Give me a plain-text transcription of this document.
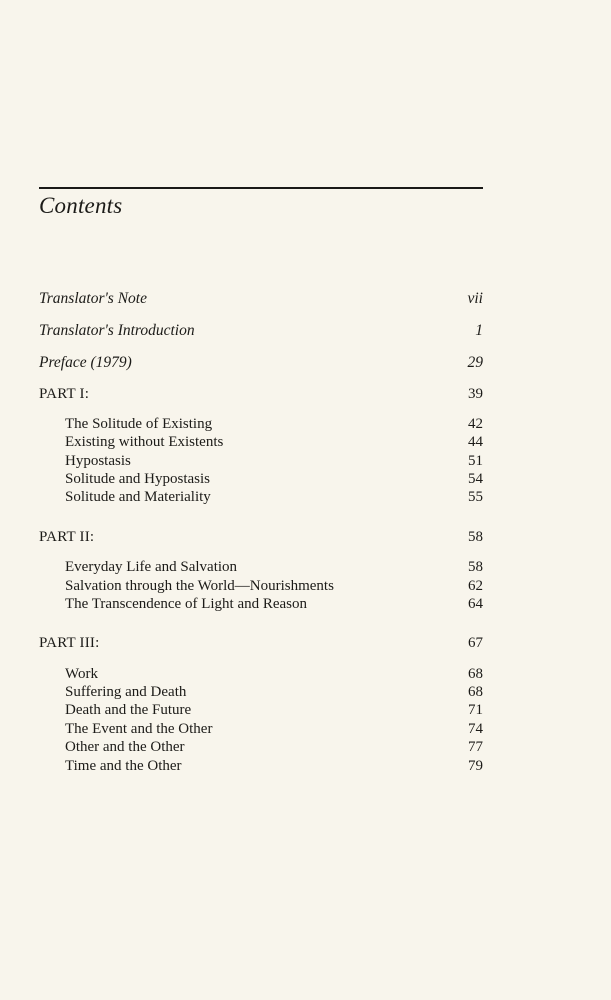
Contents
Translator's Note	vii
Translator's Introduction	1
Preface (1979)	29
PART I:	39
The Solitude of Existing	42
Existing without Existents	44
Hypostasis	51
Solitude and Hypostasis	54
Solitude and Materiality	55
PART II:	58
Everyday Life and Salvation	58
Salvation through the World—Nourishments	62
The Transcendence of Light and Reason	64
PART III:	67
Work	68
Suffering and Death	68
Death and the Future	71
The Event and the Other	74
Other and the Other	77
Time and the Other	79
